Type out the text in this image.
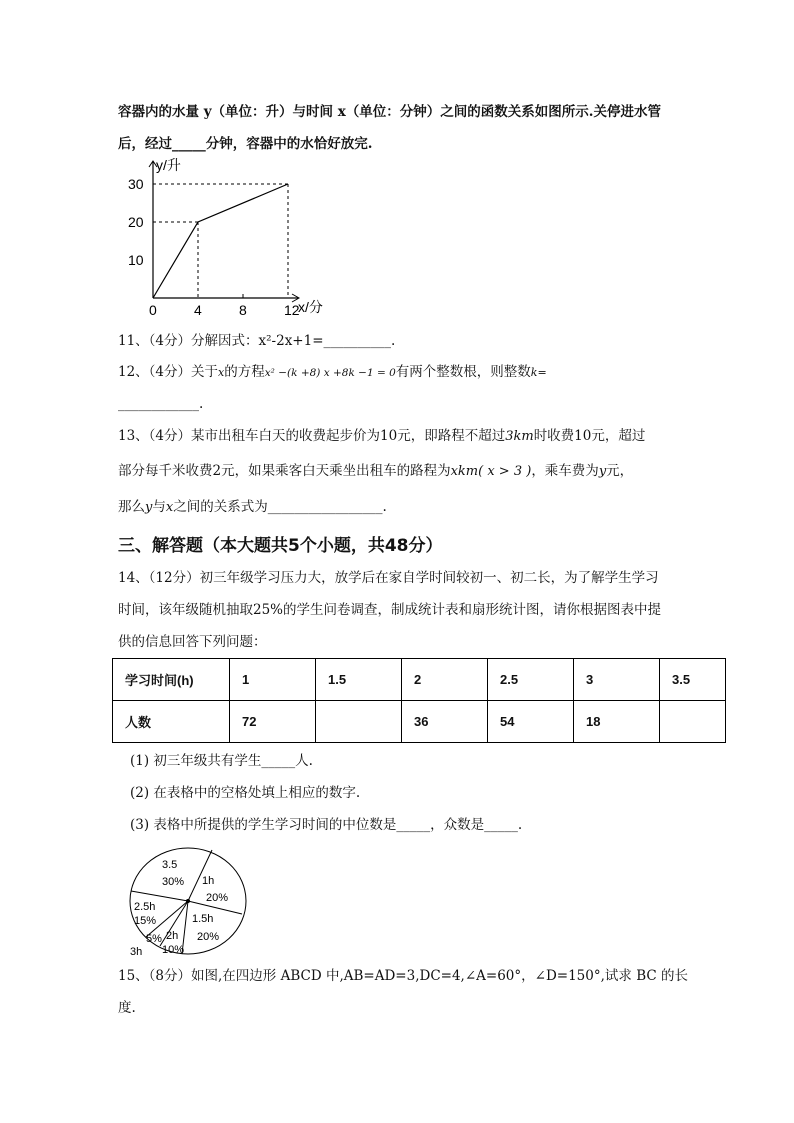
容器内的水量 y（单位：升）与时间 x（单位：分钟）之间的函数关系如图所示.关停进水管
后，经过_____分钟，容器中的水恰好放完.
y/升
x/分
30
20
10
0	4	8	12
11、（4分）分解因式：x²-2x+1=__________.
12、（4分）关于x的方程x² −(k +8) x +8k −1 = 0有两个整数根，则整数k=
____________.
13、（4分）某市出租车白天的收费起步价为10元，即路程不超过3km时收费10元，超过
部分每千米收费2元，如果乘客白天乘坐出租车的路程为xkm( x > 3 )，乘车费为y元，
那么y与x之间的关系式为_________________.
三、解答题（本大题共5个小题，共48分）
14、（12分）初三年级学习压力大，放学后在家自学时间较初一、初二长，为了解学生学习
时间，该年级随机抽取25%的学生问卷调查，制成统计表和扇形统计图，请你根据图表中提
供的信息回答下列问题：
学习时间(h)	1	1.5	2	2.5	3	3.5
人数	72		36	54	18	
(1) 初三年级共有学生_____人.
(2) 在表格中的空格处填上相应的数字.
(3) 表格中所提供的学生学习时间的中位数是_____，众数是_____.
3.5
30% 1h
20%
1.5h
20%
2h
10%
5%
3h
2.5h
15%
15、（8分）如图,在四边形 ABCD 中,AB=AD=3,DC=4,∠A=60°，∠D=150°,试求 BC 的长
度.
